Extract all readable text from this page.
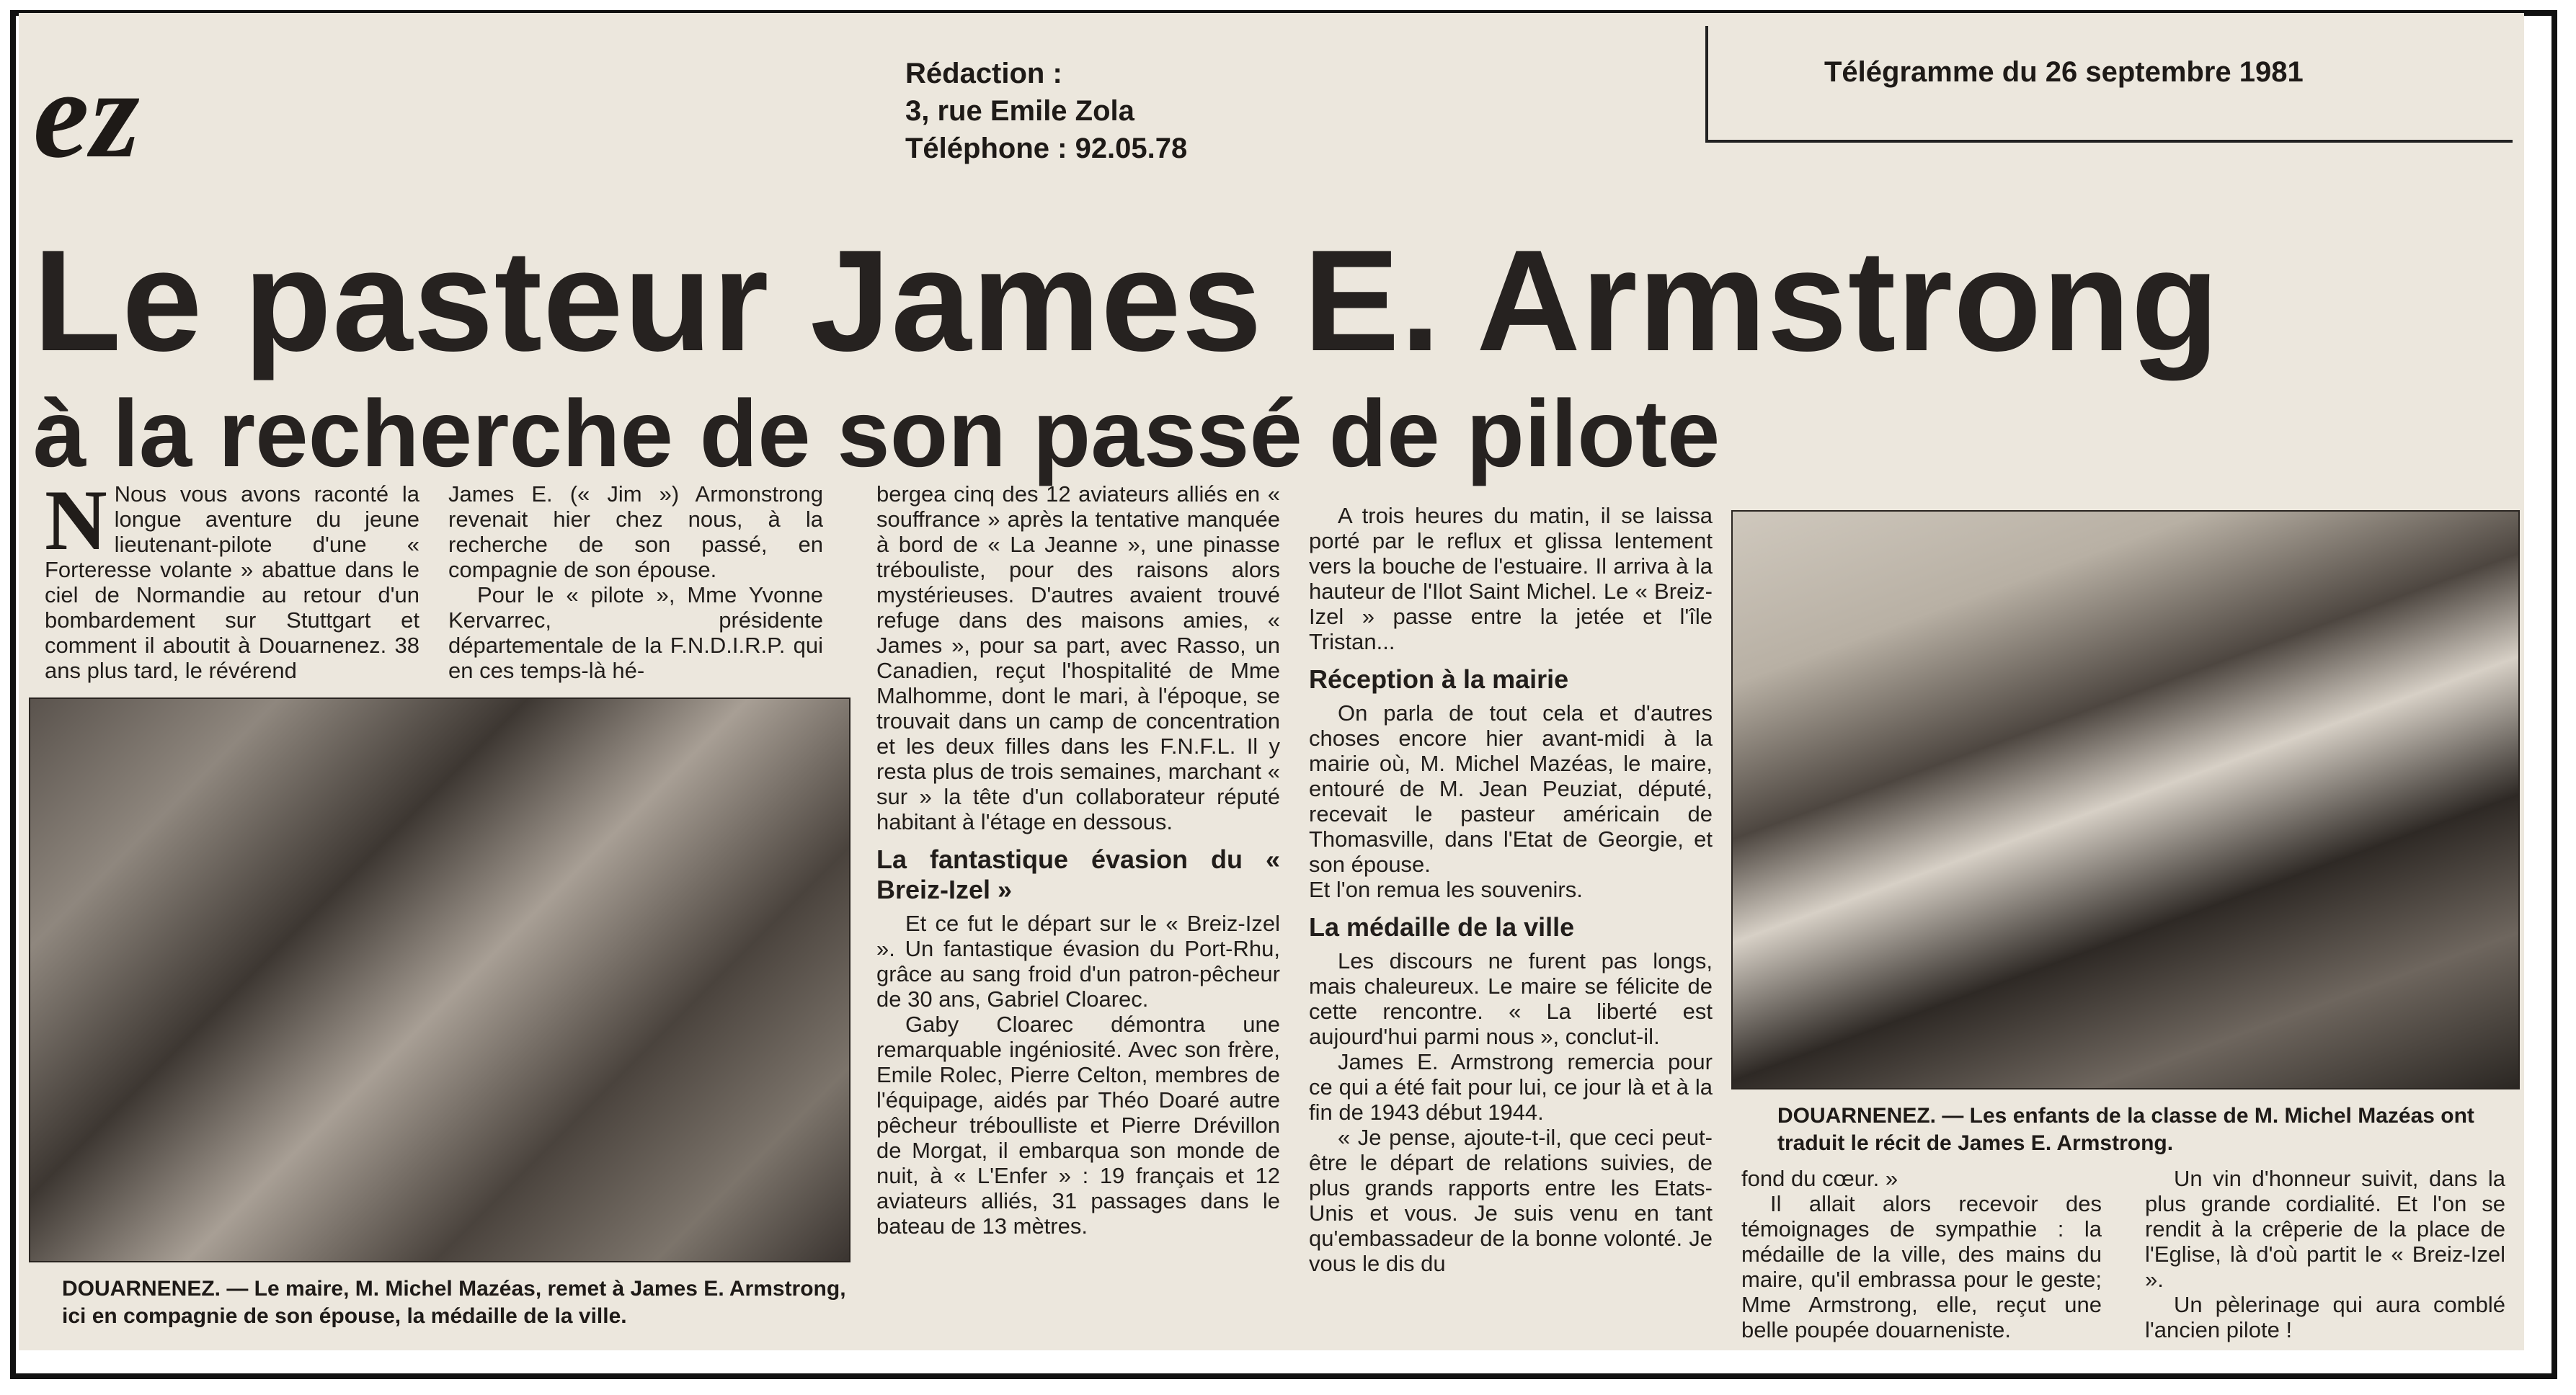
ez	Rédaction :
3, rue Emile Zola
Téléphone : 92.05.78
Télégramme du 26 septembre 1981
Le pasteur James E. Armstrong
à la recherche de son passé de pilote

N Nous vous avons raconté la longue aventure du jeune lieutenant-pilote d'une « Forteresse volante » abattue dans le ciel de Normandie au retour d'un bombardement sur Stuttgart et comment il aboutit à Douarnenez. 38 ans plus tard, le révérend

James E. (« Jim ») Armonstrong revenait hier chez nous, à la recherche de son passé, en compagnie de son épouse.

Pour le « pilote », Mme Yvonne Kervarrec, présidente départementale de la F.N.D.I.R.P. qui en ces temps-là hé-

DOUARNENEZ. — Le maire, M. Michel Mazéas, remet à James E. Armstrong, ici en compagnie de son épouse, la médaille de la ville.

bergea cinq des 12 aviateurs alliés en « souffrance » après la tentative manquée à bord de « La Jeanne », une pinasse trébouliste, pour des raisons alors mystérieuses. D'autres avaient trouvé refuge dans des maisons amies, « James », pour sa part, avec Rasso, un Canadien, reçut l'hospitalité de Mme Malhomme, dont le mari, à l'époque, se trouvait dans un camp de concentration et les deux filles dans les F.N.F.L. Il y resta plus de trois semaines, marchant « sur » la tête d'un collaborateur réputé habitant à l'étage en dessous.

La fantastique évasion du « Breiz-Izel »

Et ce fut le départ sur le « Breiz-Izel ». Un fantastique évasion du Port-Rhu, grâce au sang froid d'un patron-pêcheur de 30 ans, Gabriel Cloarec.

Gaby Cloarec démontra une remarquable ingéniosité. Avec son frère, Emile Rolec, Pierre Celton, membres de l'équipage, aidés par Théo Doaré autre pêcheur tréboulliste et Pierre Drévillon de Morgat, il embarqua son monde de nuit, à « L'Enfer » : 19 français et 12 aviateurs alliés, 31 passages dans le bateau de 13 mètres.

A trois heures du matin, il se laissa porté par le reflux et glissa lentement vers la bouche de l'estuaire. Il arriva à la hauteur de l'Ilot Saint Michel. Le « Breiz-Izel » passe entre la jetée et l'île Tristan...

Réception à la mairie

On parla de tout cela et d'autres choses encore hier avant-midi à la mairie où, M. Michel Mazéas, le maire, entouré de M. Jean Peuziat, député, recevait le pasteur américain de Thomasville, dans l'Etat de Georgie, et son épouse.

Et l'on remua les souvenirs.

La médaille de la ville

Les discours ne furent pas longs, mais chaleureux. Le maire se félicite de cette rencontre. « La liberté est aujourd'hui parmi nous », conclut-il.

James E. Armstrong remercia pour ce qui a été fait pour lui, ce jour là et à la fin de 1943 début 1944.

« Je pense, ajoute-t-il, que ceci peut-être le départ de relations suivies, de plus grands rapports entre les Etats-Unis et vous. Je suis venu en tant qu'embassadeur de la bonne volonté. Je vous le dis du

DOUARNENEZ. — Les enfants de la classe de M. Michel Mazéas ont traduit le récit de James E. Armstrong.

fond du cœur. »

Il allait alors recevoir des témoignages de sympathie : la médaille de la ville, des mains du maire, qu'il embrassa pour le geste; Mme Armstrong, elle, reçut une belle poupée douarneniste.

Un vin d'honneur suivit, dans la plus grande cordialité. Et l'on se rendit à la crêperie de la place de l'Eglise, là d'où partit le « Breiz-Izel ».

Un pèlerinage qui aura comblé l'ancien pilote !
